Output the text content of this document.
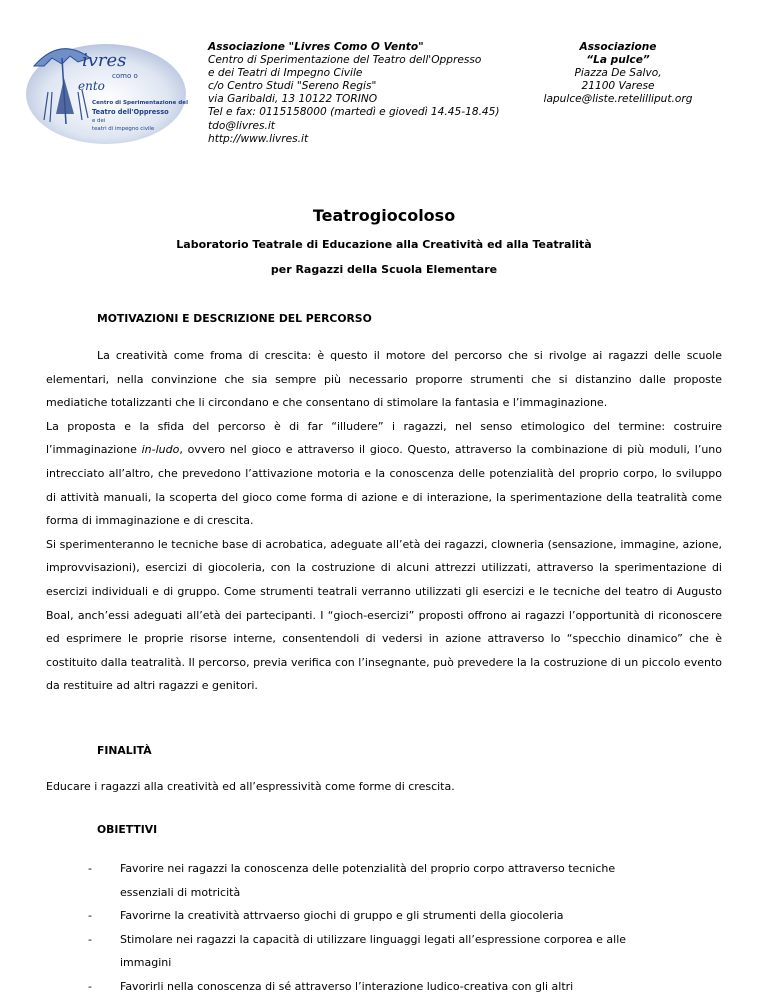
ivres
como o
ento
Centro di Sperimentazione del
Teatro dell'Oppresso
e dei
teatri di impegno civile
Associazione "Livres Como O Vento"
Centro di Sperimentazione del Teatro dell'Oppresso
e dei Teatri di Impegno Civile
c/o Centro Studi "Sereno Regis"
via Garibaldi, 13 10122 TORINO
Tel e fax: 0115158000 (martedì e giovedì 14.45-18.45)
tdo@livres.it
http://www.livres.it
Associazione
“La pulce”
Piazza De Salvo,
21100 Varese
lapulce@liste.retelilliput.org
Teatrogiocoloso
Laboratorio Teatrale di Educazione alla Creatività ed alla Teatralità
per Ragazzi della Scuola Elementare
MOTIVAZIONI E DESCRIZIONE DEL PERCORSO

La creatività come froma di crescita: è questo il motore del percorso che si rivolge ai ragazzi delle scuole elementari, nella convinzione che sia sempre più necessario proporre strumenti che si distanzino dalle proposte mediatiche totalizzanti che li circondano e che consentano di stimolare la fantasia e l’immaginazione.

La proposta e la sfida del percorso è di far “illudere” i ragazzi, nel senso etimologico del termine: costruire l’immaginazione in-ludo, ovvero nel gioco e attraverso il gioco. Questo, attraverso la combinazione di più moduli, l’uno intrecciato all’altro, che prevedono l’attivazione motoria e la conoscenza delle potenzialità del proprio corpo, lo sviluppo di attività manuali, la scoperta del gioco come forma di azione e di interazione, la sperimentazione della teatralità come forma di immaginazione e di crescita.

Si sperimenteranno le tecniche base di acrobatica, adeguate all’età dei ragazzi, clowneria (sensazione, immagine, azione, improvvisazioni), esercizi di giocoleria, con la costruzione di alcuni attrezzi utilizzati, attraverso la sperimentazione di esercizi individuali e di gruppo. Come strumenti teatrali verranno utilizzati gli esercizi e le tecniche del teatro di Augusto Boal, anch’essi adeguati all’età dei partecipanti. I “gioch-esercizi” proposti offrono ai ragazzi l’opportunità di riconoscere ed esprimere le proprie risorse interne, consentendoli di vedersi in azione attraverso lo “specchio dinamico” che è costituito dalla teatralità. Il percorso, previa verifica con l’insegnante, può prevedere la la costruzione di un piccolo evento da restituire ad altri ragazzi e genitori.

FINALITÀ
Educare i ragazzi alla creatività ed all’espressività come forme di crescita.
OBIETTIVI
-	Favorire nei ragazzi la conoscenza delle potenzialità del proprio corpo attraverso tecniche essenziali di motricità
-	Favorirne la creatività attrvaerso giochi di gruppo e gli strumenti della giocoleria
-	Stimolare nei ragazzi la capacità di utilizzare linguaggi legati all’espressione corporea e alle immagini
-	Favorirli nella conoscenza di sé attraverso l’interazione ludico-creativa con gli altri
